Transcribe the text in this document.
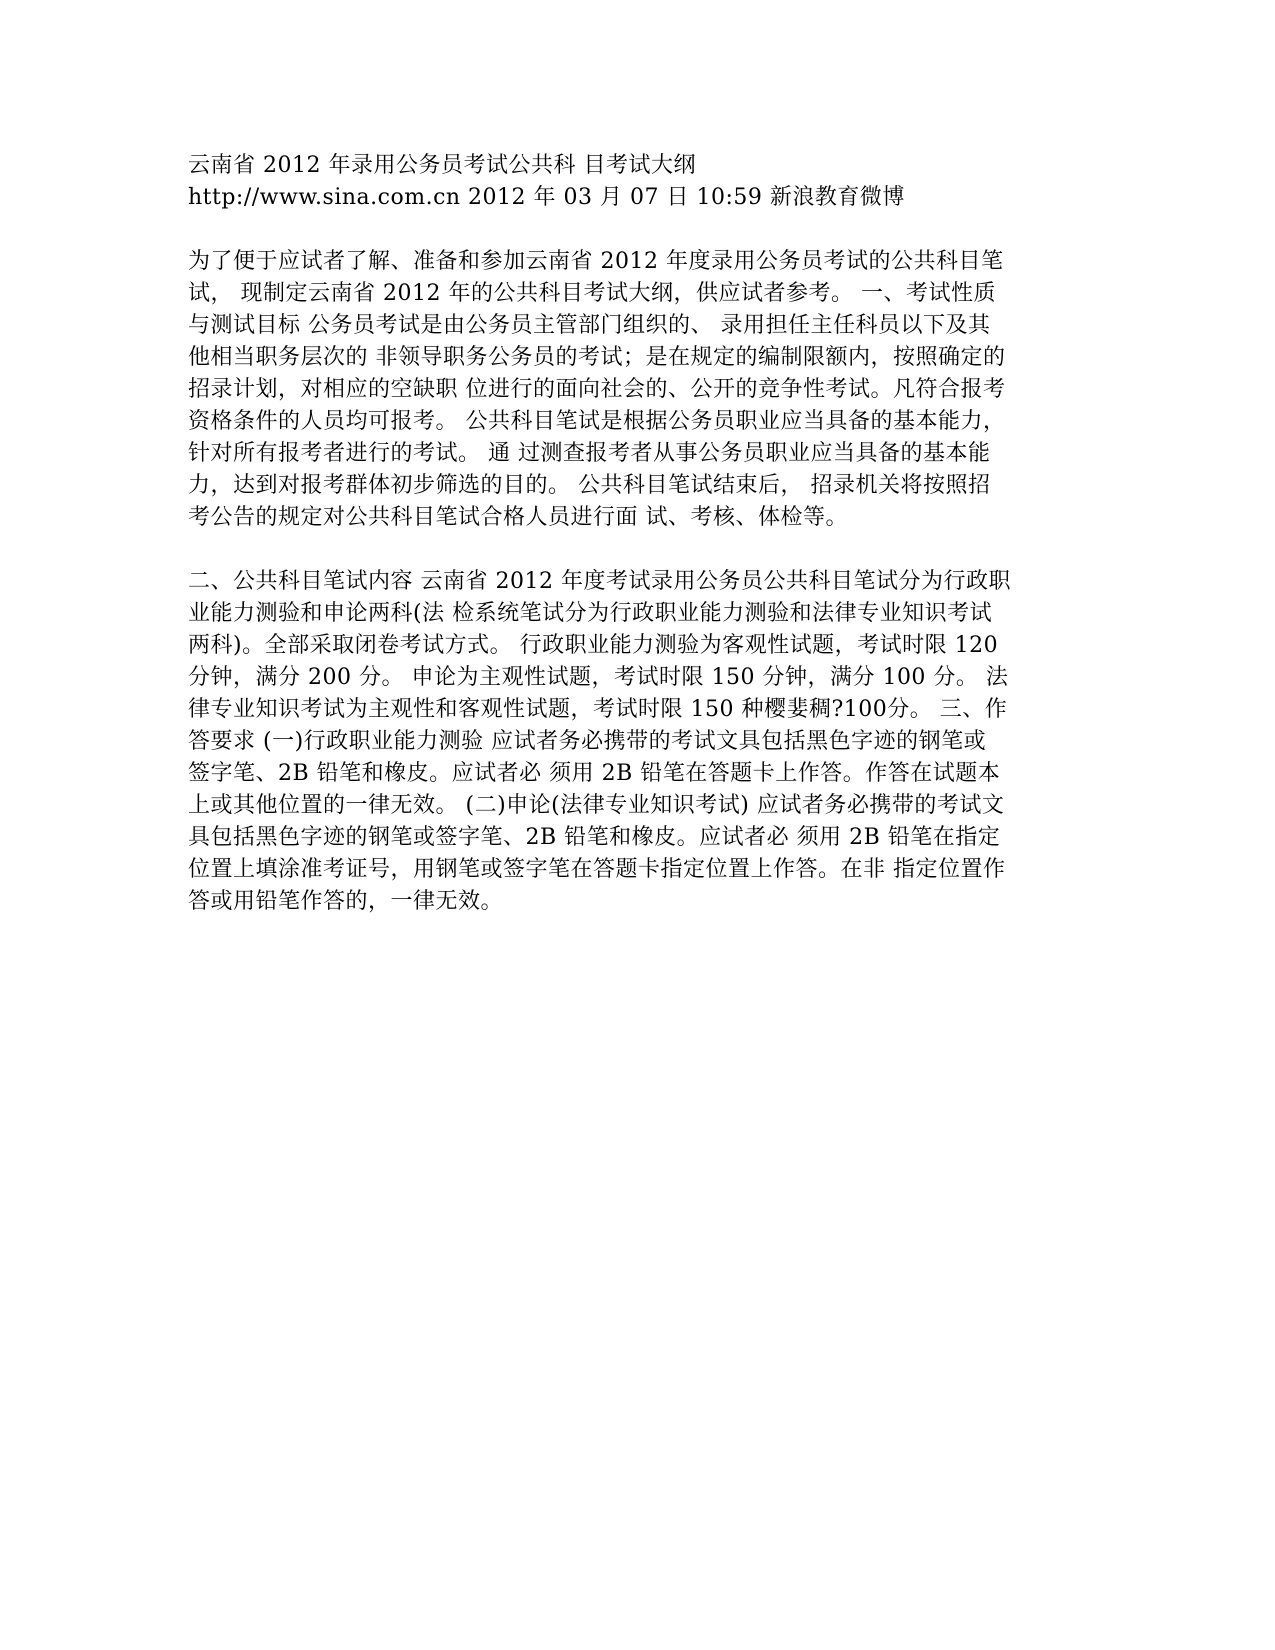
云南省 2012 年录用公务员考试公共科 目考试大纲
http://www.sina.com.cn 2012 年 03 月 07 日 10:59 新浪教育微博
为了便于应试者了解、准备和参加云南省 2012 年度录用公务员考试的公共科目笔
试， 现制定云南省 2012 年的公共科目考试大纲，供应试者参考。 一、考试性质
与测试目标 公务员考试是由公务员主管部门组织的、 录用担任主任科员以下及其
他相当职务层次的 非领导职务公务员的考试；是在规定的编制限额内，按照确定的
招录计划，对相应的空缺职 位进行的面向社会的、公开的竞争性考试。凡符合报考
资格条件的人员均可报考。 公共科目笔试是根据公务员职业应当具备的基本能力，
针对所有报考者进行的考试。 通 过测查报考者从事公务员职业应当具备的基本能
力，达到对报考群体初步筛选的目的。 公共科目笔试结束后， 招录机关将按照招
考公告的规定对公共科目笔试合格人员进行面 试、考核、体检等。
二、公共科目笔试内容 云南省 2012 年度考试录用公务员公共科目笔试分为行政职
业能力测验和申论两科(法 检系统笔试分为行政职业能力测验和法律专业知识考试
两科)。全部采取闭卷考试方式。 行政职业能力测验为客观性试题，考试时限 120
分钟，满分 200 分。 申论为主观性试题，考试时限 150 分钟，满分 100 分。 法
律专业知识考试为主观性和客观性试题，考试时限 150 种樱婓稠?100分。 三、作
答要求 (一)行政职业能力测验 应试者务必携带的考试文具包括黑色字迹的钢笔或
签字笔、2B 铅笔和橡皮。应试者必 须用 2B 铅笔在答题卡上作答。作答在试题本
上或其他位置的一律无效。 (二)申论(法律专业知识考试) 应试者务必携带的考试文
具包括黑色字迹的钢笔或签字笔、2B 铅笔和橡皮。应试者必 须用 2B 铅笔在指定
位置上填涂准考证号，用钢笔或签字笔在答题卡指定位置上作答。在非 指定位置作
答或用铅笔作答的，一律无效。
